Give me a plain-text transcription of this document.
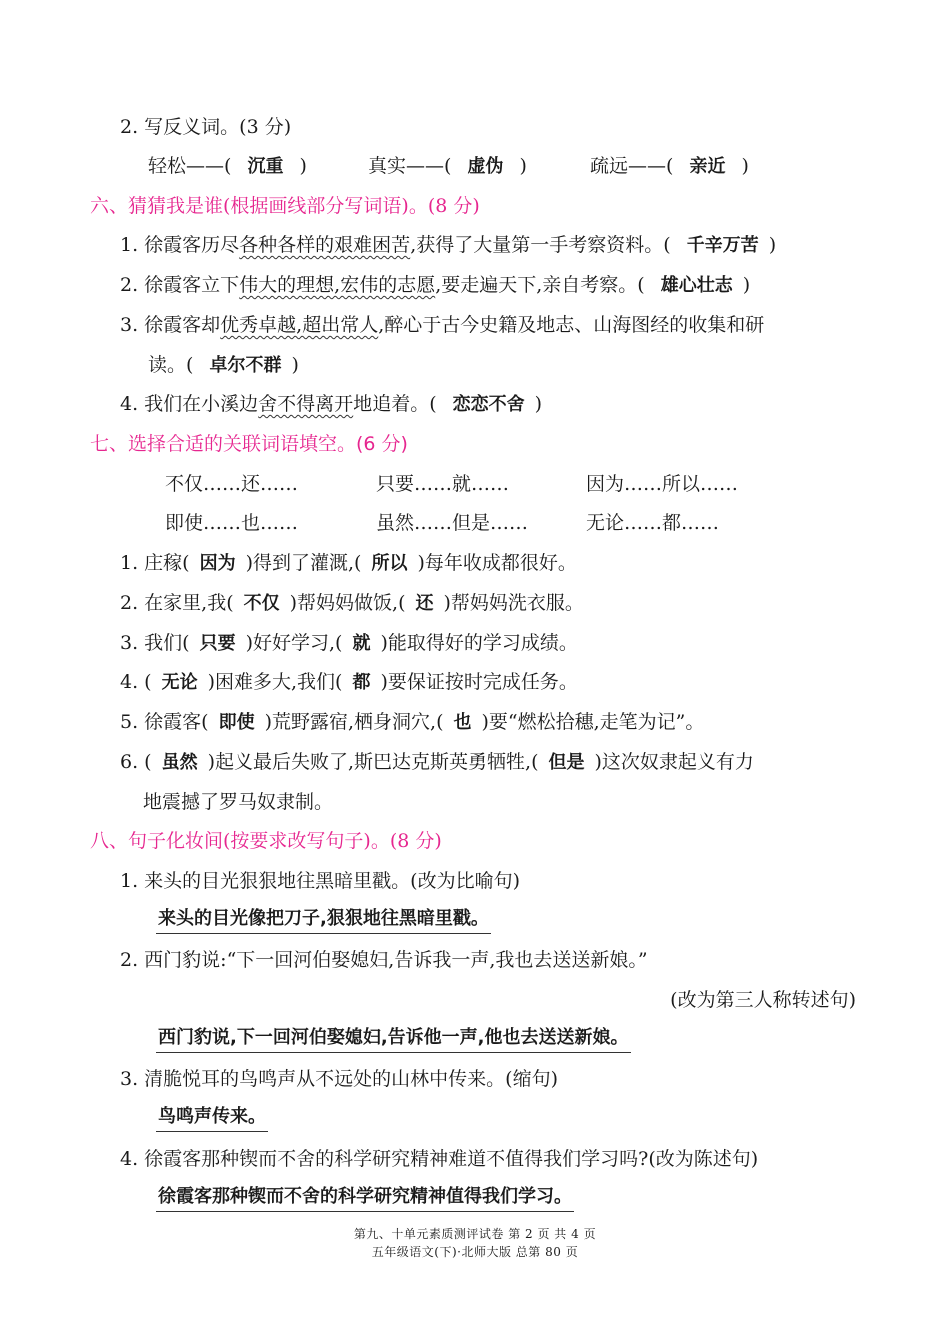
2. 写反义词。(3 分)
轻松——( 沉重 )	真实——( 虚伪 )	疏远——( 亲近 )
六、猜猜我是谁(根据画线部分写词语)。(8 分)
1. 徐霞客历尽各种各样的艰难困苦,获得了大量第一手考察资料。( 千辛万苦 )
2. 徐霞客立下伟大的理想,宏伟的志愿,要走遍天下,亲自考察。( 雄心壮志 )
3. 徐霞客却优秀卓越,超出常人,醉心于古今史籍及地志、山海图经的收集和研
读。( 卓尔不群 )
4. 我们在小溪边舍不得离开地追着。( 恋恋不舍 )
七、选择合适的关联词语填空。(6 分)
不仅……还……	只要……就……	因为……所以……
即使……也……	虽然……但是……	无论……都……
1. 庄稼( 因为 )得到了灌溉,( 所以 )每年收成都很好。
2. 在家里,我( 不仅 )帮妈妈做饭,( 还 )帮妈妈洗衣服。
3. 我们( 只要 )好好学习,( 就 )能取得好的学习成绩。
4. ( 无论 )困难多大,我们( 都 )要保证按时完成任务。
5. 徐霞客( 即使 )荒野露宿,栖身洞穴,( 也 )要“燃松拾穗,走笔为记”。
6. ( 虽然 )起义最后失败了,斯巴达克斯英勇牺牲,( 但是 )这次奴隶起义有力
地震撼了罗马奴隶制。
八、句子化妆间(按要求改写句子)。(8 分)
1. 来头的目光狠狠地往黑暗里戳。(改为比喻句)
来头的目光像把刀子,狠狠地往黑暗里戳。
2. 西门豹说:“下一回河伯娶媳妇,告诉我一声,我也去送送新娘。”
(改为第三人称转述句)
西门豹说,下一回河伯娶媳妇,告诉他一声,他也去送送新娘。
3. 清脆悦耳的鸟鸣声从不远处的山林中传来。(缩句)
鸟鸣声传来。
4. 徐霞客那种锲而不舍的科学研究精神难道不值得我们学习吗?(改为陈述句)
徐霞客那种锲而不舍的科学研究精神值得我们学习。
第九、十单元素质测评试卷 第 2 页 共 4 页
五年级语文(下)·北师大版 总第 80 页
